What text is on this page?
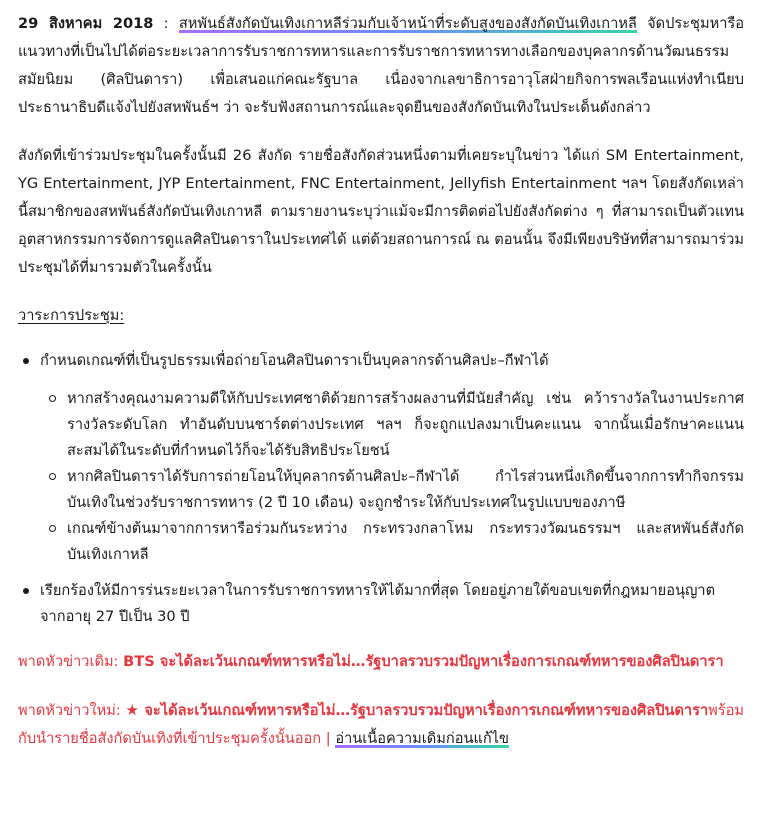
29 สิงหาคม 2018 : สหพันธ์สังกัดบันเทิงเกาหลีร่วมกับเจ้าหน้าที่ระดับสูงของสังกัดบันเทิงเกาหลี จัดประชุมหารือแนวทางที่เป็นไปได้ต่อระยะเวลาการรับราชการทหารและการรับราชการทหารทางเลือกของบุคลากรด้านวัฒนธรรมสมัยนิยม (ศิลปินดารา) เพื่อเสนอแก่คณะรัฐบาล เนื่องจากเลขาธิการอาวุโสฝ่ายกิจการพลเรือนแห่งทำเนียบประธานาธิบดีแจ้งไปยังสหพันธ์ฯ ว่า จะรับฟังสถานการณ์และจุดยืนของสังกัดบันเทิงในประเด็นดังกล่าว

สังกัดที่เข้าร่วมประชุมในครั้งนั้นมี 26 สังกัด รายชื่อสังกัดส่วนหนึ่งตามที่เคยระบุในข่าว ได้แก่ SM Entertainment, YG Entertainment, JYP Entertainment, FNC Entertainment, Jellyfish Entertainment ฯลฯ โดยสังกัดเหล่านี้สมาชิกของสหพันธ์สังกัดบันเทิงเกาหลี ตามรายงานระบุว่าแม้จะมีการติดต่อไปยังสังกัดต่าง ๆ ที่สามารถเป็นตัวแทนอุตสาหกรรมการจัดการดูแลศิลปินดาราในประเทศได้ แต่ด้วยสถานการณ์ ณ ตอนนั้น จึงมีเพียงบริษัทที่สามารถมาร่วมประชุมได้ที่มารวมตัวในครั้งนั้น

วาระการประชุม:

กำหนดเกณฑ์ที่เป็นรูปธรรมเพื่อถ่ายโอนศิลปินดาราเป็นบุคลากรด้านศิลปะ–กีฬาได้
หากสร้างคุณงามความดีให้กับประเทศชาติด้วยการสร้างผลงานที่มีนัยสำคัญ เช่น คว้ารางวัลในงานประกาศรางวัลระดับโลก ทำอันดับบนชาร์ตต่างประเทศ ฯลฯ ก็จะถูกแปลงมาเป็นคะแนน จากนั้นเมื่อรักษาคะแนนสะสมได้ในระดับที่กำหนดไว้ก็จะได้รับสิทธิประโยชน์
หากศิลปินดาราได้รับการถ่ายโอนให้บุคลากรด้านศิลปะ–กีฬาได้ กำไรส่วนหนึ่งเกิดขึ้นจากการทำกิจกรรมบันเทิงในช่วงรับราชการทหาร (2 ปี 10 เดือน) จะถูกชำระให้กับประเทศในรูปแบบของภาษี
เกณฑ์ข้างต้นมาจากการหารือร่วมกันระหว่าง กระทรวงกลาโหม กระทรวงวัฒนธรรมฯ และสหพันธ์สังกัดบันเทิงเกาหลี
เรียกร้องให้มีการร่นระยะเวลาในการรับราชการทหารให้ได้มากที่สุด โดยอยู่ภายใต้ขอบเขตที่กฎหมายอนุญาต จากอายุ 27 ปีเป็น 30 ปี

พาดหัวข่าวเดิม: BTS จะได้ละเว้นเกณฑ์ทหารหรือไม่…รัฐบาลรวบรวมปัญหาเรื่องการเกณฑ์ทหารของศิลปินดารา

พาดหัวข่าวใหม่: ★ จะได้ละเว้นเกณฑ์ทหารหรือไม่…รัฐบาลรวบรวมปัญหาเรื่องการเกณฑ์ทหารของศิลปินดาราพร้อมกับนำรายชื่อสังกัดบันเทิงที่เข้าประชุมครั้งนั้นออก | อ่านเนื้อความเดิมก่อนแก้ไข
